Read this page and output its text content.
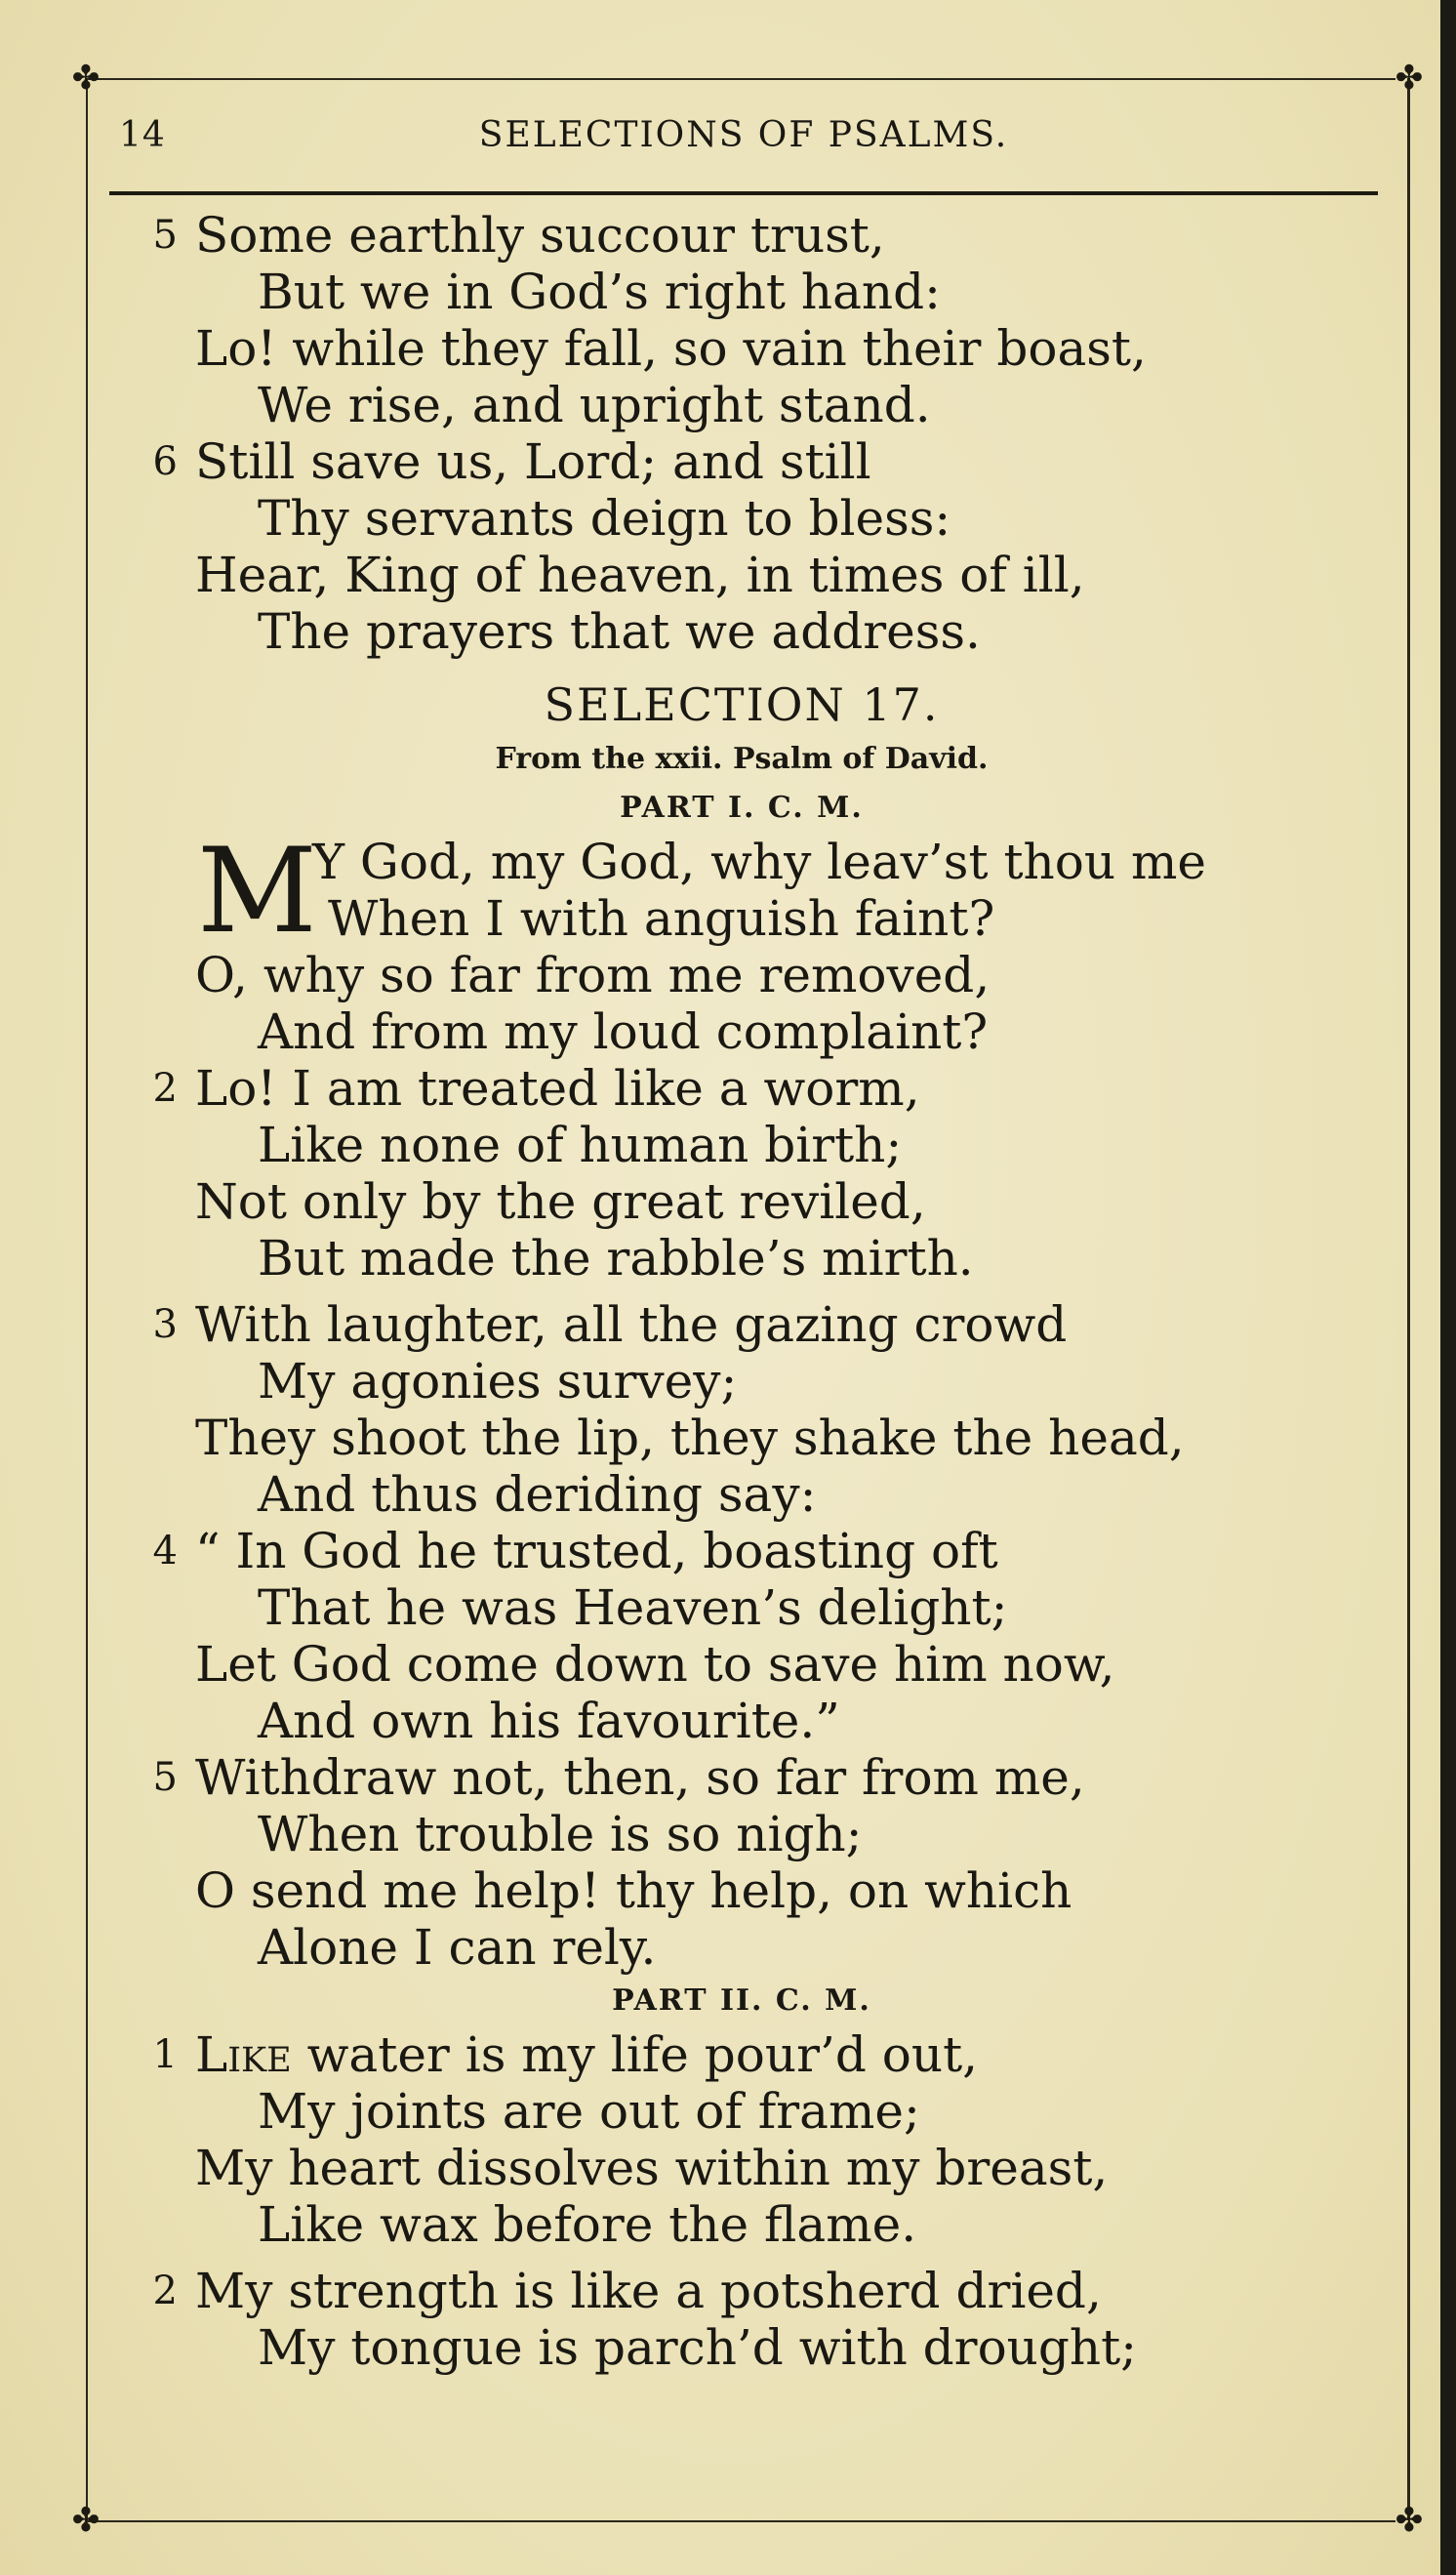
✤	✤
✤	✤
14	SELECTIONS OF PSALMS.
5 Some earthly succour trust,
But we in God’s right hand:
Lo! while they fall, so vain their boast,
We rise, and upright stand.
6 Still save us, Lord; and still
Thy servants deign to bless:
Hear, King of heaven, in times of ill,
The prayers that we address.
SELECTION 17.
From the xxii. Psalm of David.
PART I. C. M.
M
Y God, my God, why leav’st thou me
When I with anguish faint?
O, why so far from me removed,
And from my loud complaint?
2 Lo! I am treated like a worm,
Like none of human birth;
Not only by the great reviled,
But made the rabble’s mirth.
3 With laughter, all the gazing crowd
My agonies survey;
They shoot the lip, they shake the head,
And thus deriding say:
4 “ In God he trusted, boasting oft
That he was Heaven’s delight;
Let God come down to save him now,
And own his favourite.”
5 Withdraw not, then, so far from me,
When trouble is so nigh;
O send me help! thy help, on which
Alone I can rely.
PART II. C. M.
1 Like water is my life pour’d out,
My joints are out of frame;
My heart dissolves within my breast,
Like wax before the flame.
2 My strength is like a potsherd dried,
My tongue is parch’d with drought;
